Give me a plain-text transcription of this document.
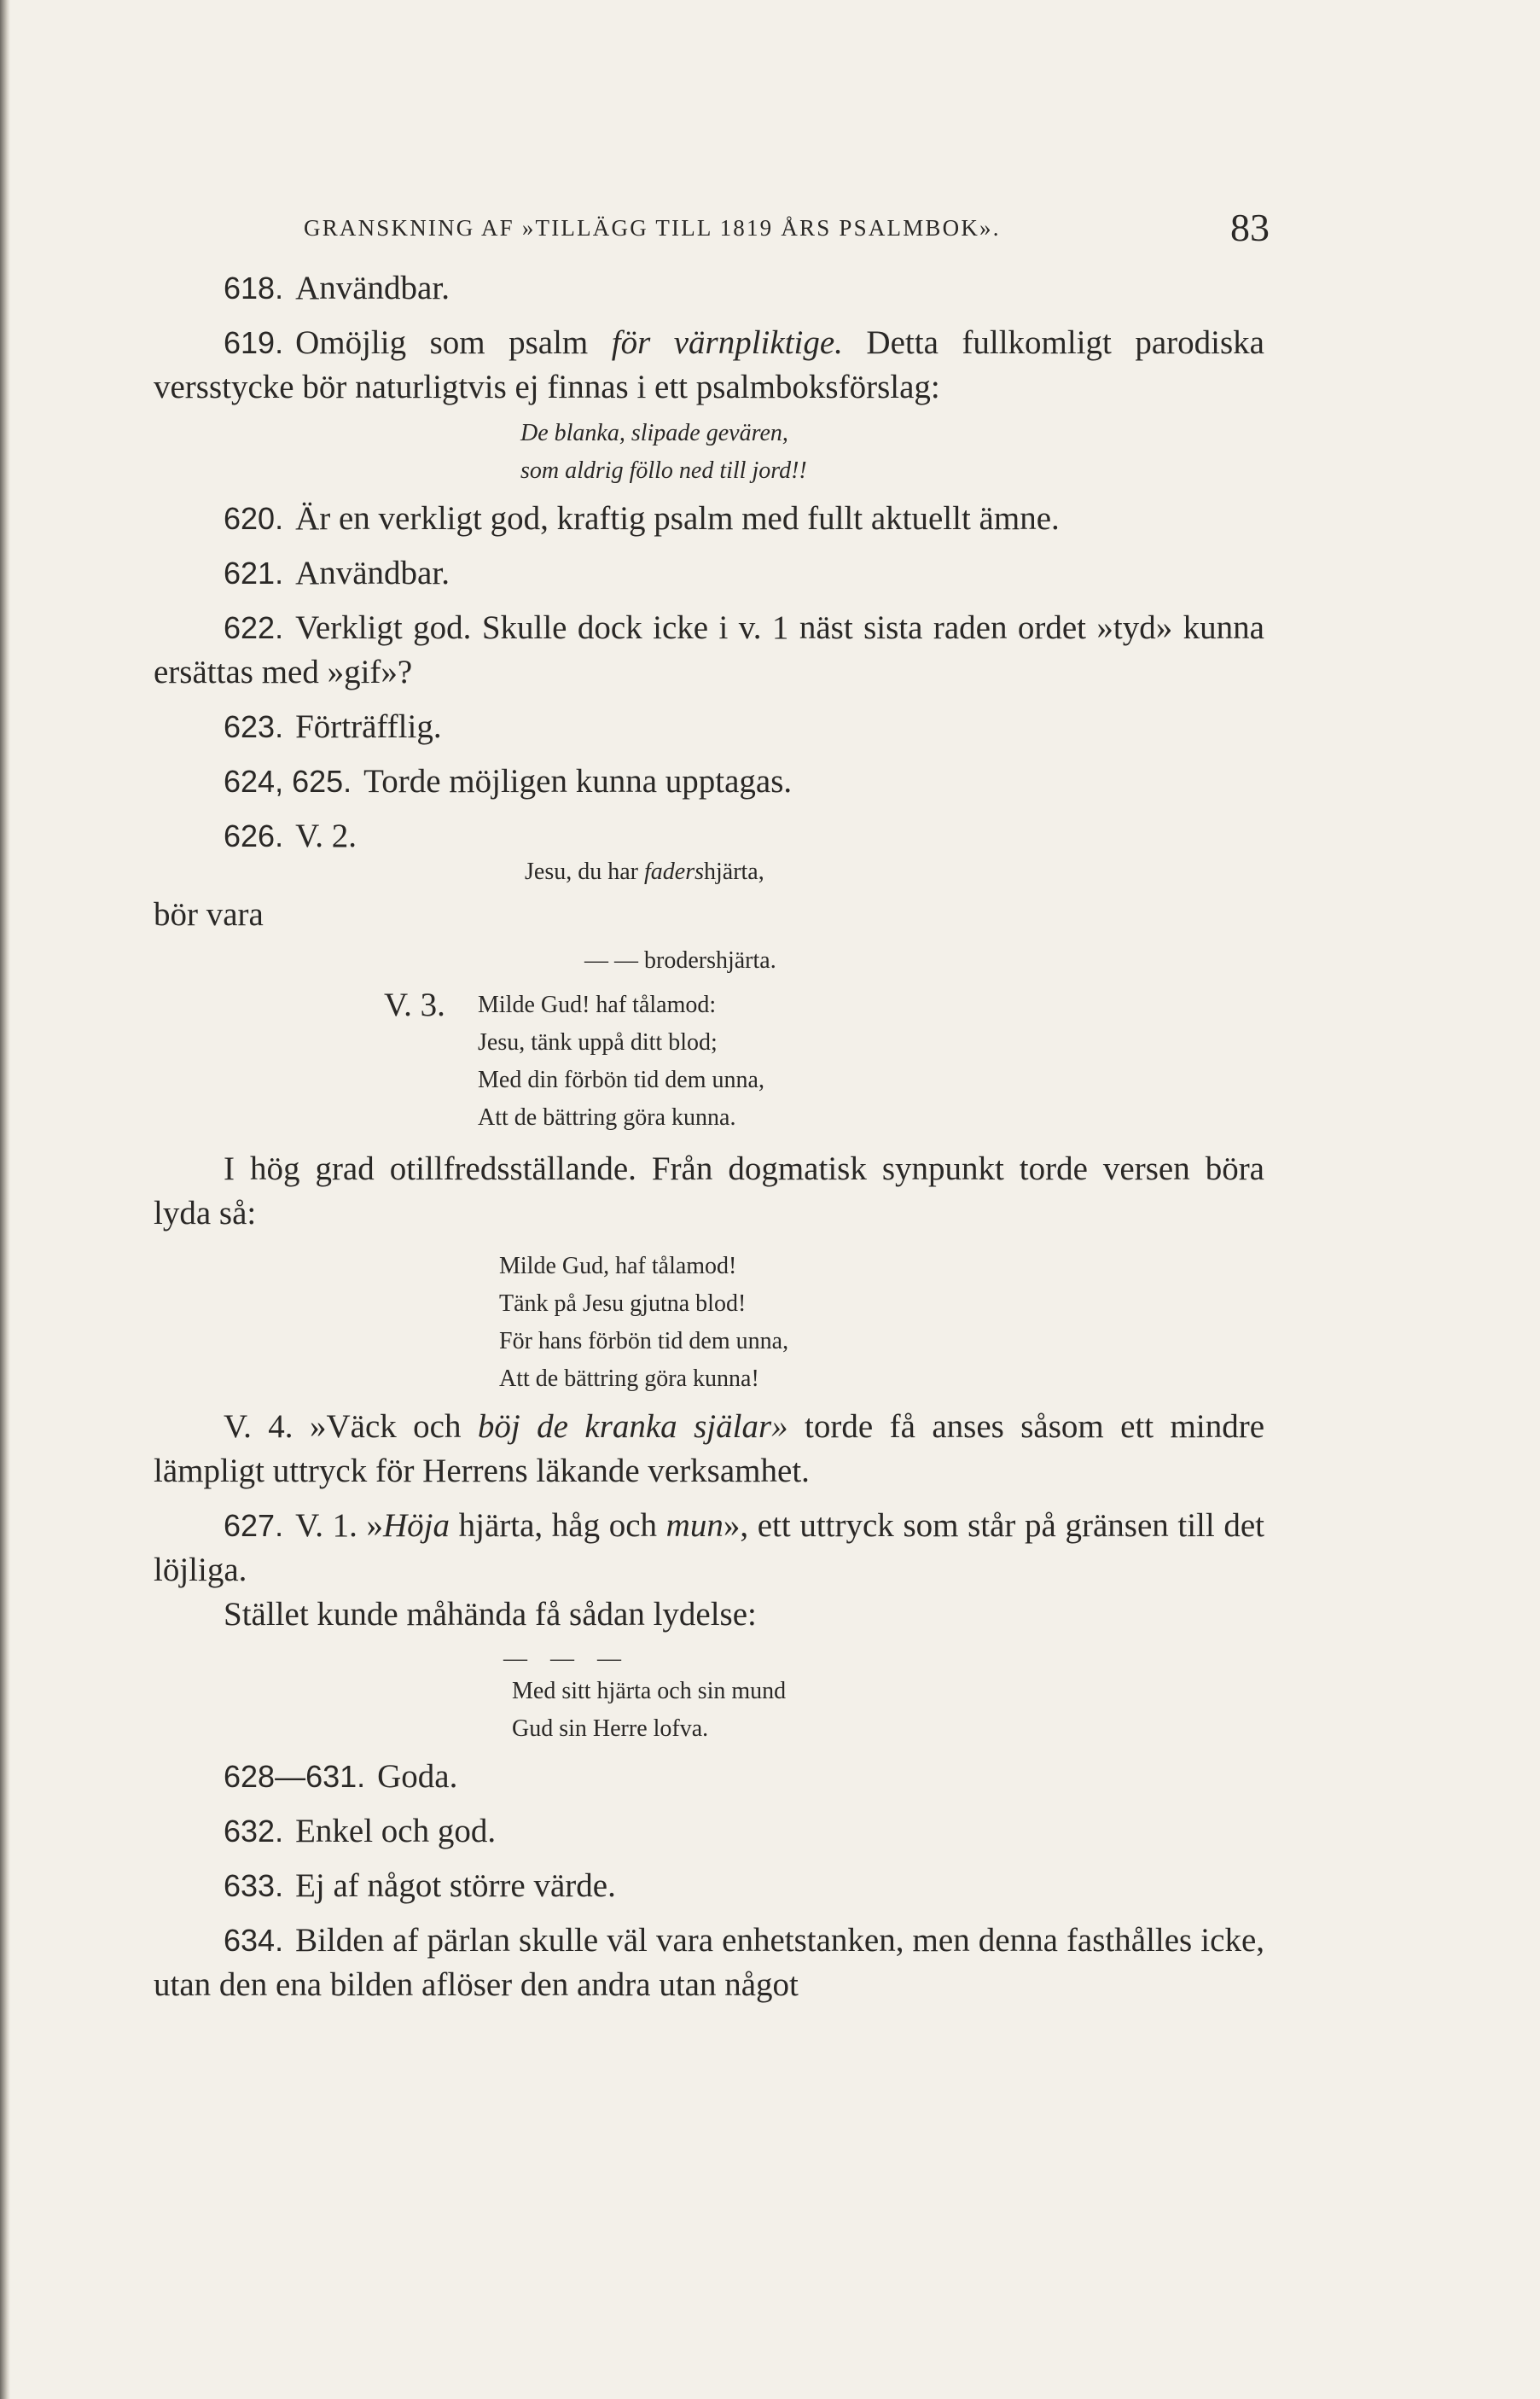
GRANSKNING AF »TILLÄGG TILL 1819 ÅRS PSALMBOK».	83

618. Användbar.

619. Omöjlig som psalm för värnpliktige. Detta fullkomligt parodiska versstycke bör naturligtvis ej finnas i ett psalmboksförslag:

De blanka, slipade gevären,
som aldrig föllo ned till jord!!

620. Är en verkligt god, kraftig psalm med fullt aktuellt ämne.

621. Användbar.

622. Verkligt god. Skulle dock icke i v. 1 näst sista raden ordet »tyd» kunna ersättas med »gif»?

623. Förträfflig.

624, 625. Torde möjligen kunna upptagas.

626. V. 2.

Jesu, du har fadershjärta,

bör vara

— — brodershjärta.
V. 3.	Milde Gud! haf tålamod:
Jesu, tänk uppå ditt blod;
Med din förbön tid dem unna,
Att de bättring göra kunna.

I hög grad otillfredsställande. Från dogmatisk synpunkt torde versen böra lyda så:

Milde Gud, haf tålamod!
Tänk på Jesu gjutna blod!
För hans förbön tid dem unna,
Att de bättring göra kunna!

V. 4. »Väck och böj de kranka själar» torde få anses såsom ett mindre lämpligt uttryck för Herrens läkande verksamhet.

627. V. 1. »Höja hjärta, håg och mun», ett uttryck som står på gränsen till det löjliga.

Stället kunde måhända få sådan lydelse:

— — —
Med sitt hjärta och sin mund
Gud sin Herre lofva.

628—631. Goda.

632. Enkel och god.

633. Ej af något större värde.

634. Bilden af pärlan skulle väl vara enhetstanken, men denna fasthålles icke, utan den ena bilden aflöser den andra utan något
